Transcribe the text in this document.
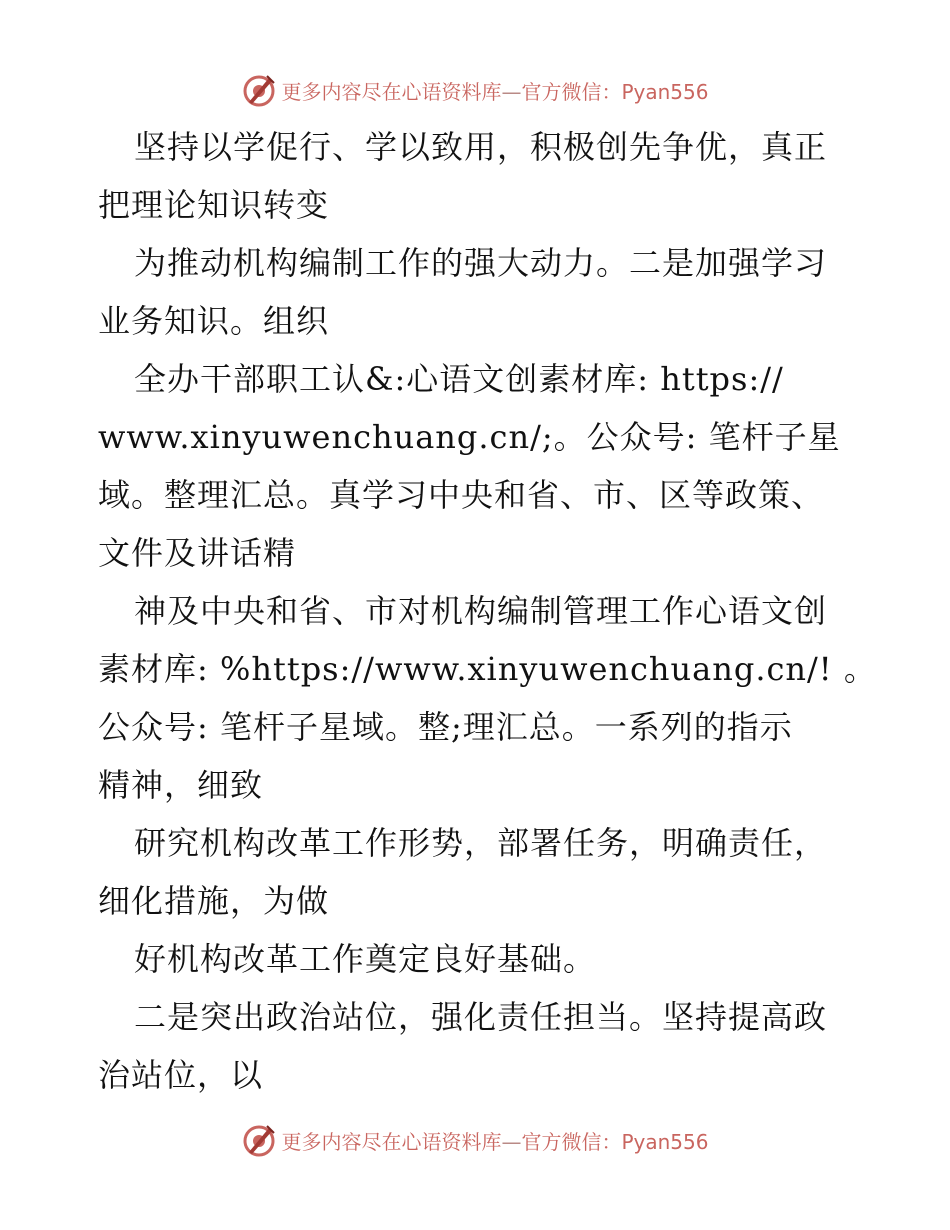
更多内容尽在心语资料库—官方微信：Pyan556
坚持以学促行、学以致用，积极创先争优，真正
把理论知识转变
为推动机构编制工作的强大动力。二是加强学习
业务知识。组织
全办干部职工认&:心语文创素材库: https://
www.xinyuwenchuang.cn/;。公众号: 笔杆子星
域。整理汇总。真学习中央和省、市、区等政策、
文件及讲话精
神及中央和省、市对机构编制管理工作心语文创
素材库: %https://www.xinyuwenchuang.cn/! 。
公众号: 笔杆子星域。整;理汇总。一系列的指示
精神，细致
研究机构改革工作形势，部署任务，明确责任，
细化措施，为做
好机构改革工作奠定良好基础。
二是突出政治站位，强化责任担当。坚持提高政
治站位，以
更多内容尽在心语资料库—官方微信：Pyan556
